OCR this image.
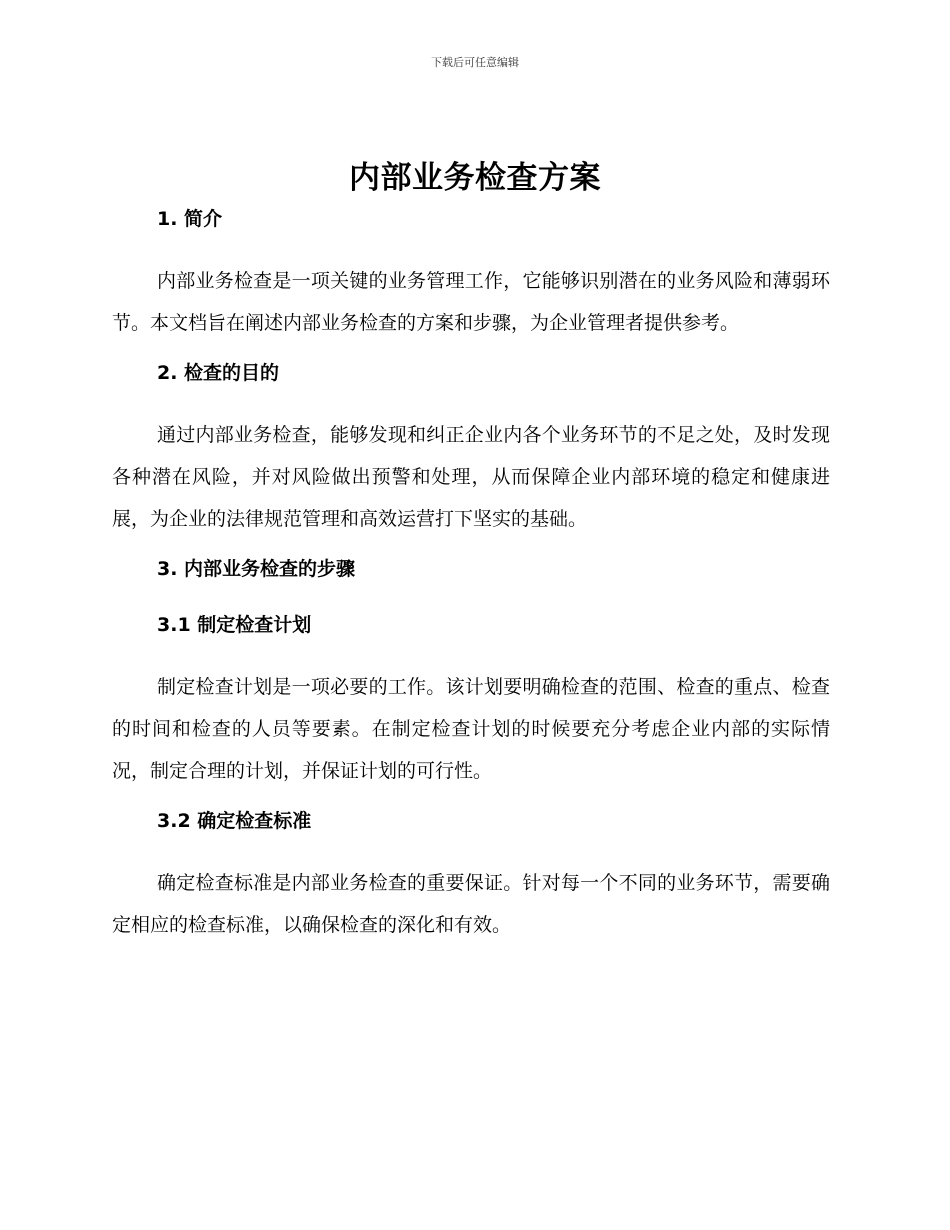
下载后可任意编辑
内部业务检查方案
1. 简介

内部业务检查是一项关键的业务管理工作，它能够识别潜在的业务风险和薄弱环节。本文档旨在阐述内部业务检查的方案和步骤，为企业管理者提供参考。

2. 检查的目的

通过内部业务检查，能够发现和纠正企业内各个业务环节的不足之处，及时发现各种潜在风险，并对风险做出预警和处理，从而保障企业内部环境的稳定和健康进展，为企业的法律规范管理和高效运营打下坚实的基础。

3. 内部业务检查的步骤
3.1 制定检查计划

制定检查计划是一项必要的工作。该计划要明确检查的范围、检查的重点、检查的时间和检查的人员等要素。在制定检查计划的时候要充分考虑企业内部的实际情况，制定合理的计划，并保证计划的可行性。

3.2 确定检查标准

确定检查标准是内部业务检查的重要保证。针对每一个不同的业务环节，需要确定相应的检查标准，以确保检查的深化和有效。
